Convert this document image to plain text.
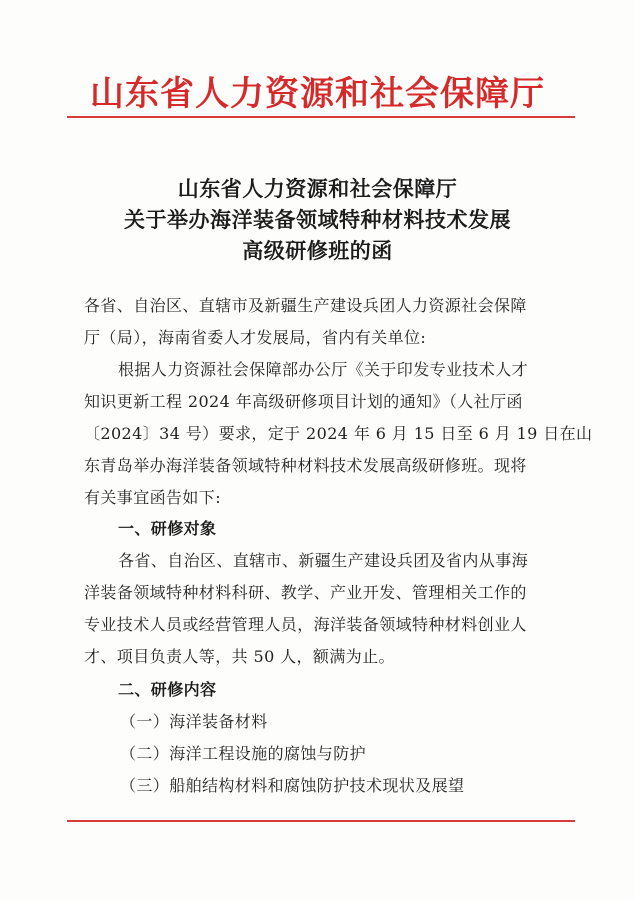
山东省人力资源和社会保障厅
山东省人力资源和社会保障厅
关于举办海洋装备领域特种材料技术发展
高级研修班的函
各省、自治区、直辖市及新疆生产建设兵团人力资源社会保障
厅（局），海南省委人才发展局，省内有关单位:
根据人力资源社会保障部办公厅《关于印发专业技术人才
知识更新工程 2024 年高级研修项目计划的通知》（人社厅函
〔2024〕34 号）要求，定于 2024 年 6 月 15 日至 6 月 19 日在山
东青岛举办海洋装备领域特种材料技术发展高级研修班。现将
有关事宜函告如下:
一、研修对象
各省、自治区、直辖市、新疆生产建设兵团及省内从事海
洋装备领域特种材料科研、教学、产业开发、管理相关工作的
专业技术人员或经营管理人员，海洋装备领域特种材料创业人
才、项目负责人等，共 50 人，额满为止。
二、研修内容
（一）海洋装备材料
（二）海洋工程设施的腐蚀与防护
（三）船舶结构材料和腐蚀防护技术现状及展望
